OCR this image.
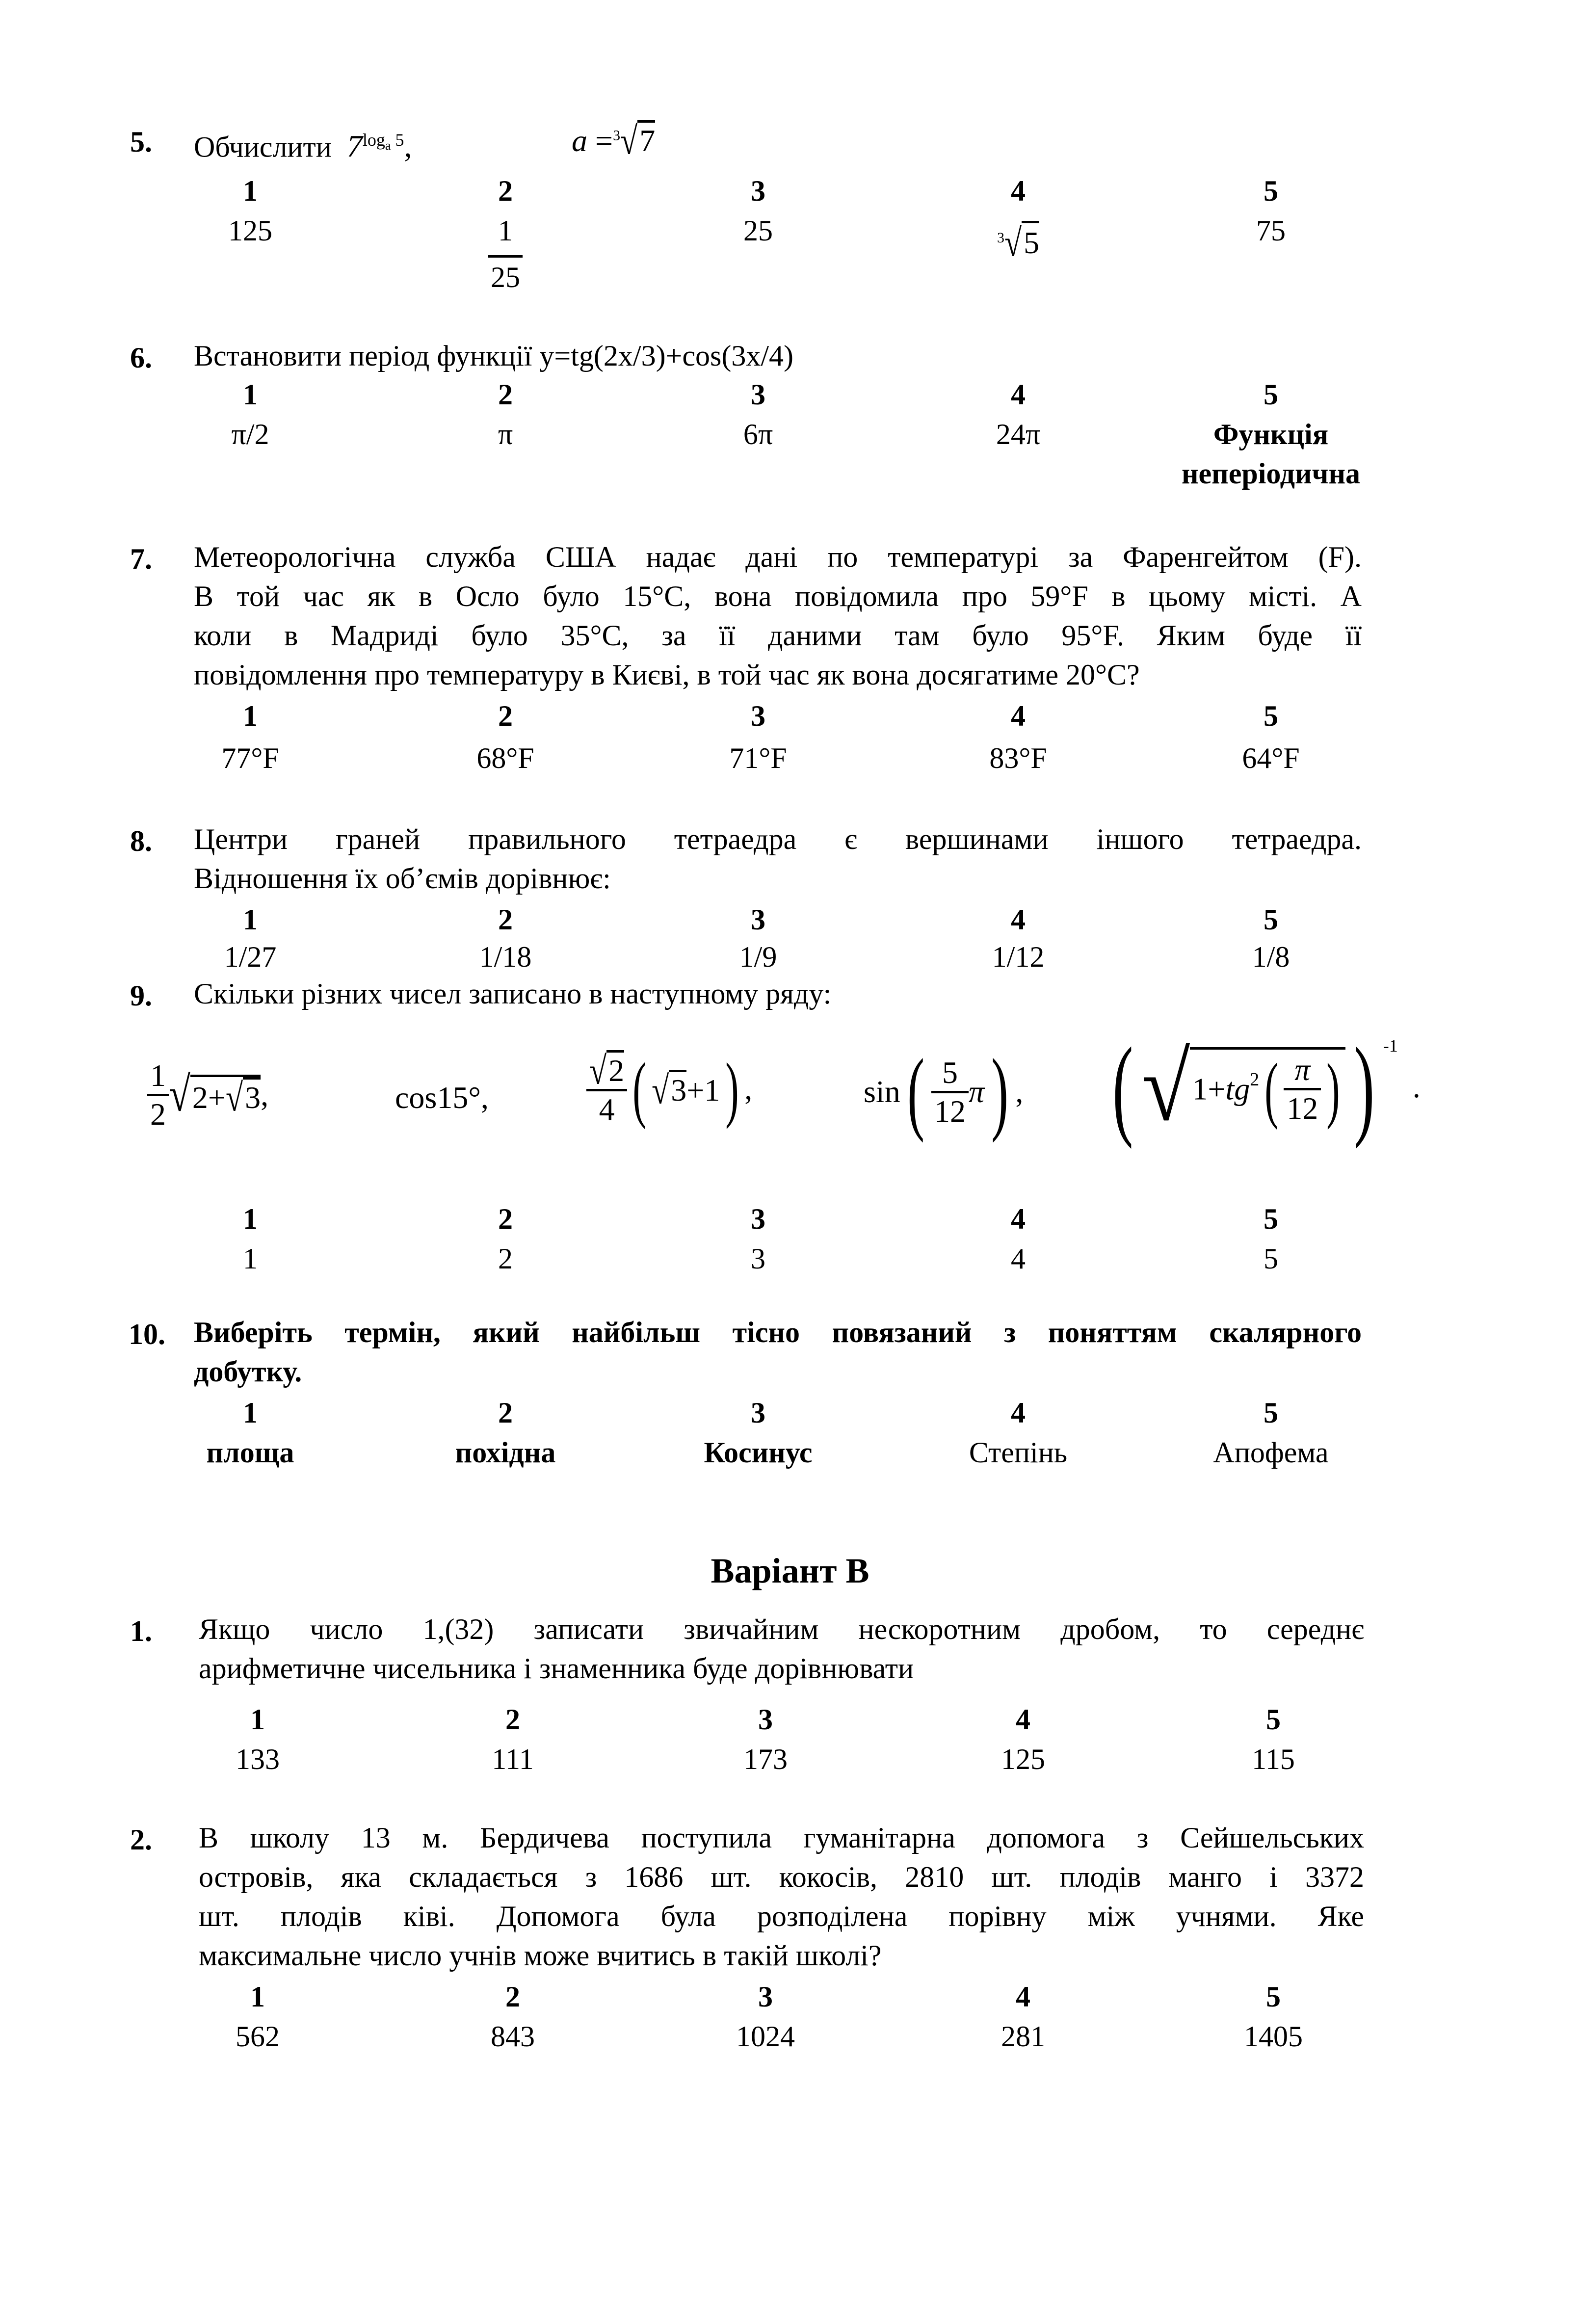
5. Обчислити $7^{log_a 5}$,	a =$^3$√7
1	2	3	4	5
125	$\frac{1}{25}$	25	$^3$√5	75
6. Встановити період функції y=tg(2x/3)+cos(3x/4)
1	2	3	4	5
π/2	π	6π	24π	Функція
неперіодична
7. Метеорологічна служба США надає дані по температурі за Фаренгейтом (F).
В той час як в Осло було 15°С, вона повідомила про 59°F в цьому місті. А
коли в Мадриді було 35°С, за її даними там було 95°F. Яким буде її
повідомлення про температуру в Києві, в той час як вона досягатиме 20°С?
1	2	3	4	5
77°F	68°F	71°F	83°F	64°F
8. Центри граней правильного тетраедра є вершинами іншого тетраедра.
Відношення їх об’ємів дорівнює:
1	2	3	4	5
1/27	1/18	1/9	1/12	1/8
9. Скільки різних чисел записано в наступному ряду:
$\frac{1}{2} √2+√3$,	cos15°,	$\frac{√2}{4}$ ( √3+1) ,	$\sin( \frac{5}{12} \pi)$ , ($√1+tg^2( \frac{\pi}{12}$ ) ) $^{-1}$.
1	2	3	4	5
1	2	3	4	5
10. Виберіть термін, який найбільш тісно повязаний з поняттям скалярного
добутку.
1	2	3	4	5
площа	похідна	Косинус	Степінь	Апофема
Варіант В
1. Якщо число 1,(32) записати звичайним нескоротним дробом, то середнє
арифметичне чисельника і знаменника буде дорівнювати
1	2	3	4	5
133	111	173	125	115
2. В школу 13 м. Бердичева поступила гуманітарна допомога з Сейшельських
островів, яка складається з 1686 шт. кокосів, 2810 шт. плодів манго і 3372
шт. плодів ківі. Допомога була розподілена порівну між учнями. Яке
максимальне число учнів може вчитись в такій школі?
1	2	3	4	5
562	843	1024	281	1405
